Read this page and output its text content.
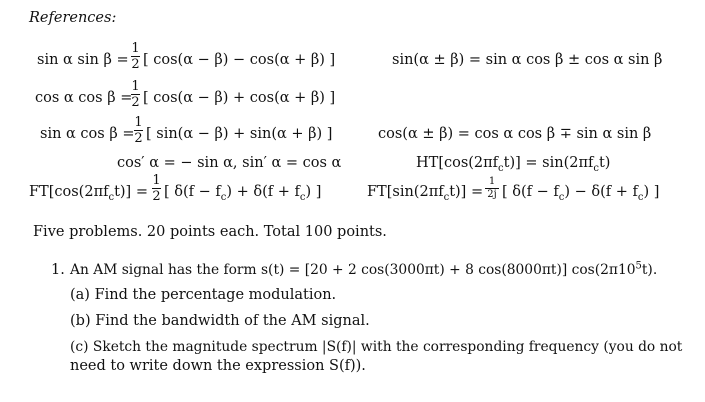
References:
sin α sin β =
1
2 [ cos(α − β) − cos(α + β) ]	sin(α ± β) = sin α cos β ± cos α sin β
cos α cos β =
1
2 [ cos(α − β) + cos(α + β) ]
sin α cos β =
1
2 [ sin(α − β) + sin(α + β) ]	cos(α ± β) = cos α cos β ∓ sin α sin β
cos′ α = − sin α, sin′ α = cos α	$HT[\cos(2\pi f_ct)] = \sin(2\pi f_ct)$
$FT[\cos(2\pi f_ct)]$ =
1
2 [ $\delta(f - f_c) + \delta(f + f_c)$ ]	$FT[\sin(2\pi f_ct)]$ =
1
2j [ $\delta(f - f_c) - \delta(f + f_c)$ ]
Five problems. 20 points each. Total 100 points.
1. An AM signal has the form s(t) = [20 + 2 cos(3000πt) + 8 cos(8000πt)] $\cos(2\pi 10^5t)$.
(a) Find the percentage modulation.
(b) Find the bandwidth of the AM signal.
(c) Sketch the magnitude spectrum |S(f)| with the corresponding frequency (you do not
need to write down the expression S(f)).
